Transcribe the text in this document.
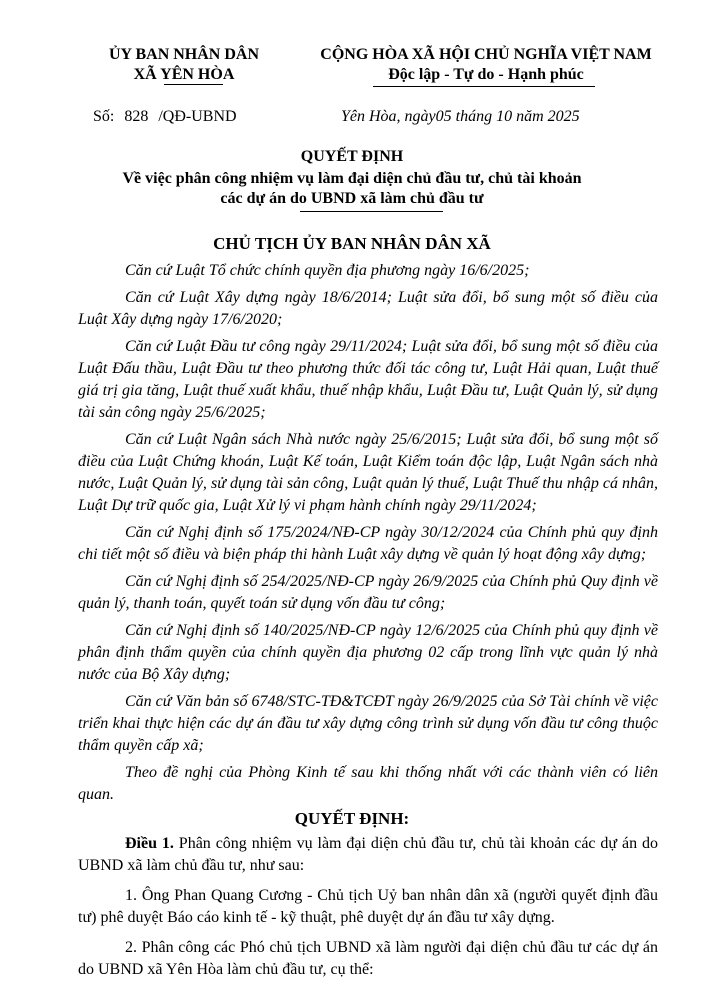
ỦY BAN NHÂN DÂN
XÃ YÊN HÒA
CỘNG HÒA XÃ HỘI CHỦ NGHĨA VIỆT NAM
Độc lập - Tự do - Hạnh phúc
Số: 828 /QĐ-UBND	Yên Hòa, ngày05 tháng 10 năm 2025
QUYẾT ĐỊNH
Về việc phân công nhiệm vụ làm đại diện chủ đầu tư, chủ tài khoản
các dự án do UBND xã làm chủ đầu tư
CHỦ TỊCH ỦY BAN NHÂN DÂN XÃ

Căn cứ Luật Tổ chức chính quyền địa phương ngày 16/6/2025;

Căn cứ Luật Xây dựng ngày 18/6/2014; Luật sửa đổi, bổ sung một số điều của Luật Xây dựng ngày 17/6/2020;

Căn cứ Luật Đầu tư công ngày 29/11/2024; Luật sửa đổi, bổ sung một số điều của Luật Đấu thầu, Luật Đầu tư theo phương thức đối tác công tư, Luật Hải quan, Luật thuế giá trị gia tăng, Luật thuế xuất khẩu, thuế nhập khẩu, Luật Đầu tư, Luật Quản lý, sử dụng tài sản công ngày 25/6/2025;

Căn cứ Luật Ngân sách Nhà nước ngày 25/6/2015; Luật sửa đổi, bổ sung một số điều của Luật Chứng khoán, Luật Kế toán, Luật Kiểm toán độc lập, Luật Ngân sách nhà nước, Luật Quản lý, sử dụng tài sản công, Luật quản lý thuế, Luật Thuế thu nhập cá nhân, Luật Dự trữ quốc gia, Luật Xử lý vi phạm hành chính ngày 29/11/2024;

Căn cứ Nghị định số 175/2024/NĐ-CP ngày 30/12/2024 của Chính phủ quy định chi tiết một số điều và biện pháp thi hành Luật xây dựng về quản lý hoạt động xây dựng;

Căn cứ Nghị định số 254/2025/NĐ-CP ngày 26/9/2025 của Chính phủ Quy định về quản lý, thanh toán, quyết toán sử dụng vốn đầu tư công;

Căn cứ Nghị định số 140/2025/NĐ-CP ngày 12/6/2025 của Chính phủ quy định về phân định thẩm quyền của chính quyền địa phương 02 cấp trong lĩnh vực quản lý nhà nước của Bộ Xây dựng;

Căn cứ Văn bản số 6748/STC-TĐ&TCĐT ngày 26/9/2025 của Sở Tài chính về việc triển khai thực hiện các dự án đầu tư xây dựng công trình sử dụng vốn đầu tư công thuộc thẩm quyền cấp xã;

Theo đề nghị của Phòng Kinh tế sau khi thống nhất với các thành viên có liên quan.

QUYẾT ĐỊNH:

Điều 1. Phân công nhiệm vụ làm đại diện chủ đầu tư, chủ tài khoản các dự án do UBND xã làm chủ đầu tư, như sau:

1. Ông Phan Quang Cương - Chủ tịch Uỷ ban nhân dân xã (người quyết định đầu tư) phê duyệt Báo cáo kinh tế - kỹ thuật, phê duyệt dự án đầu tư xây dựng.

2. Phân công các Phó chủ tịch UBND xã làm người đại diện chủ đầu tư các dự án do UBND xã Yên Hòa làm chủ đầu tư, cụ thể:
